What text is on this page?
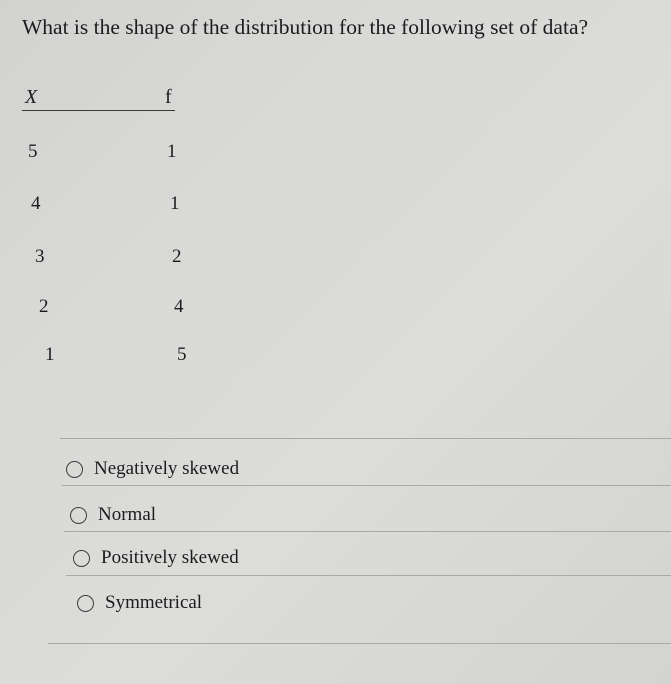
What is the shape of the distribution for the following set of data?
X	f
5	1
4	1
3	2
2	4
1	5
Negatively skewed
Normal
Positively skewed
Symmetrical
